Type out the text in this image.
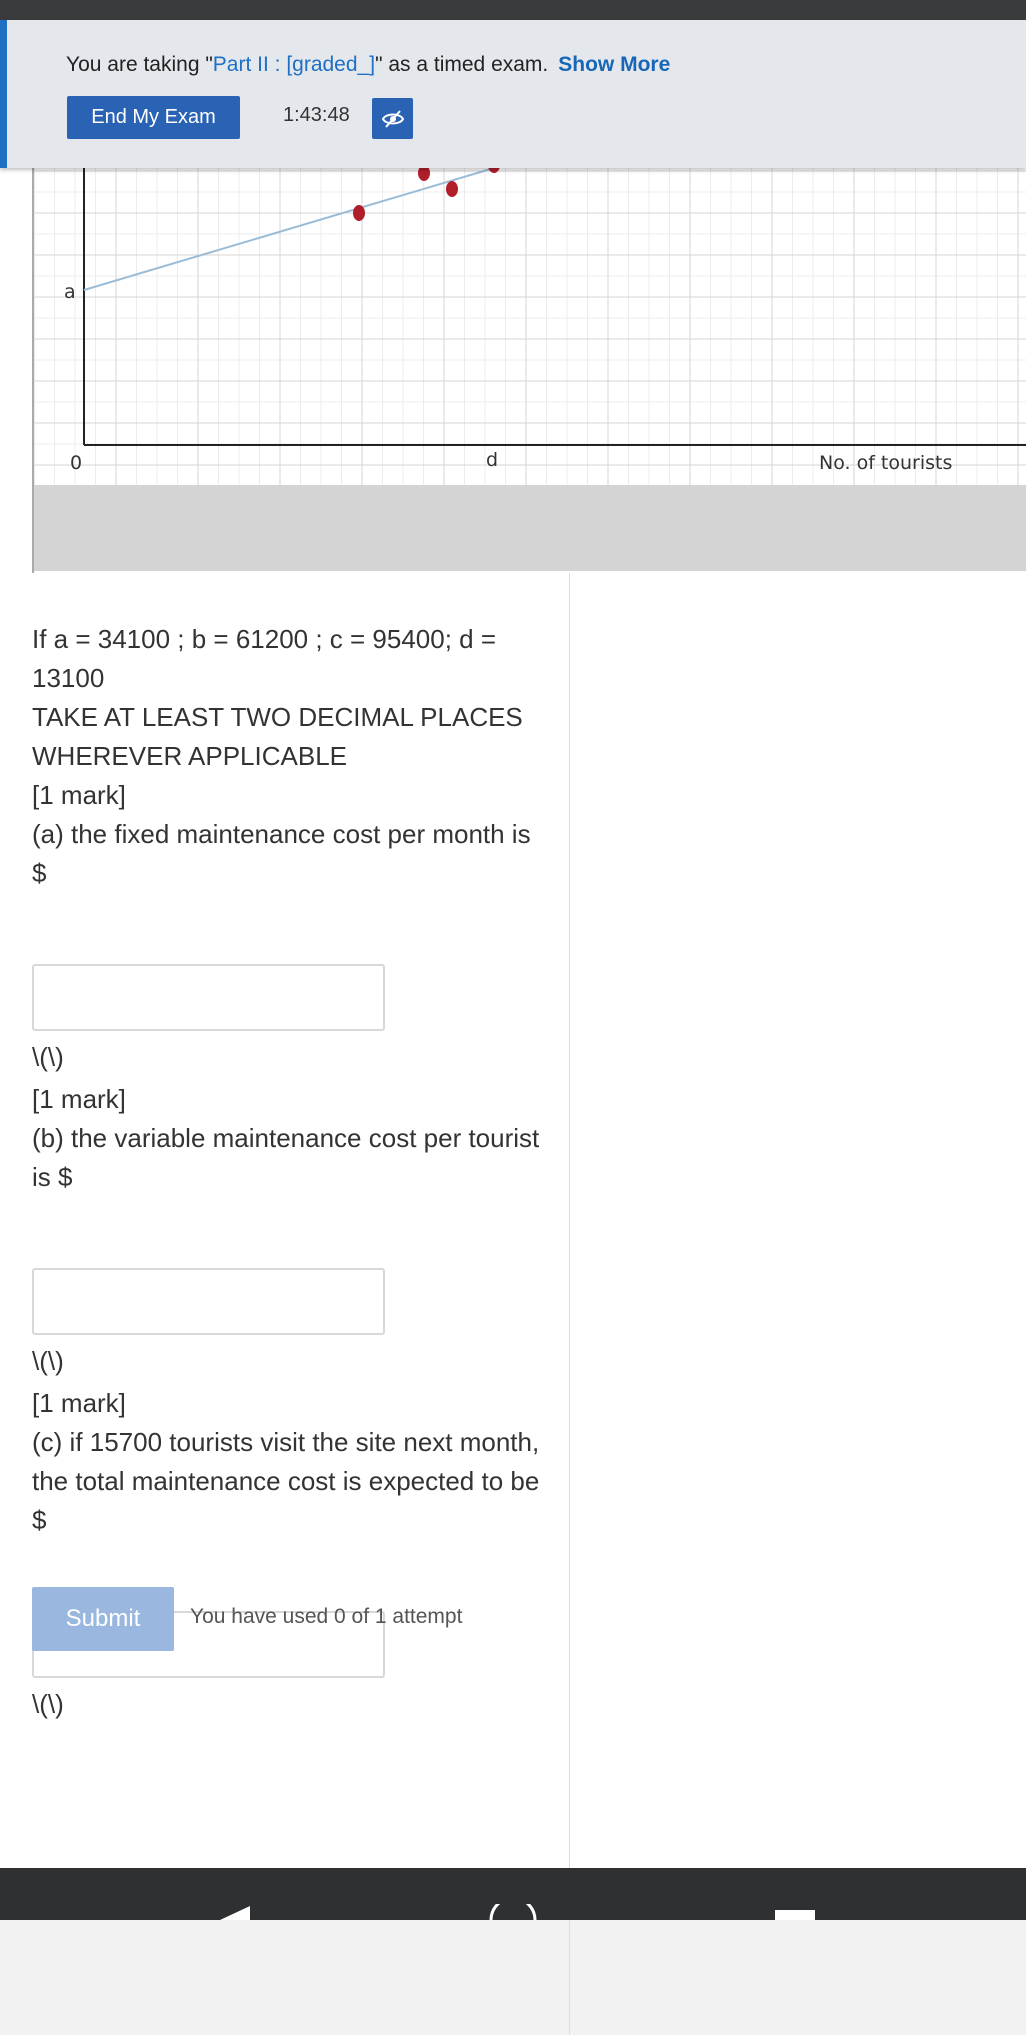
You are taking "Part II : [graded_]" as a timed exam. Show More
End My Exam	1:43:48
a
0	d	No. of tourists
If a = 34100 ; b = 61200 ; c = 95400; d = 13100
TAKE AT LEAST TWO DECIMAL PLACES WHEREVER APPLICABLE
[1 mark]
(a) the fixed maintenance cost per month is $
\(\)
[1 mark]
(b) the variable maintenance cost per tourist is $
\(\)
[1 mark]
(c) if 15700 tourists visit the site next month, the total maintenance cost is expected to be $
\(\)
Submit	You have used 0 of 1 attempt
